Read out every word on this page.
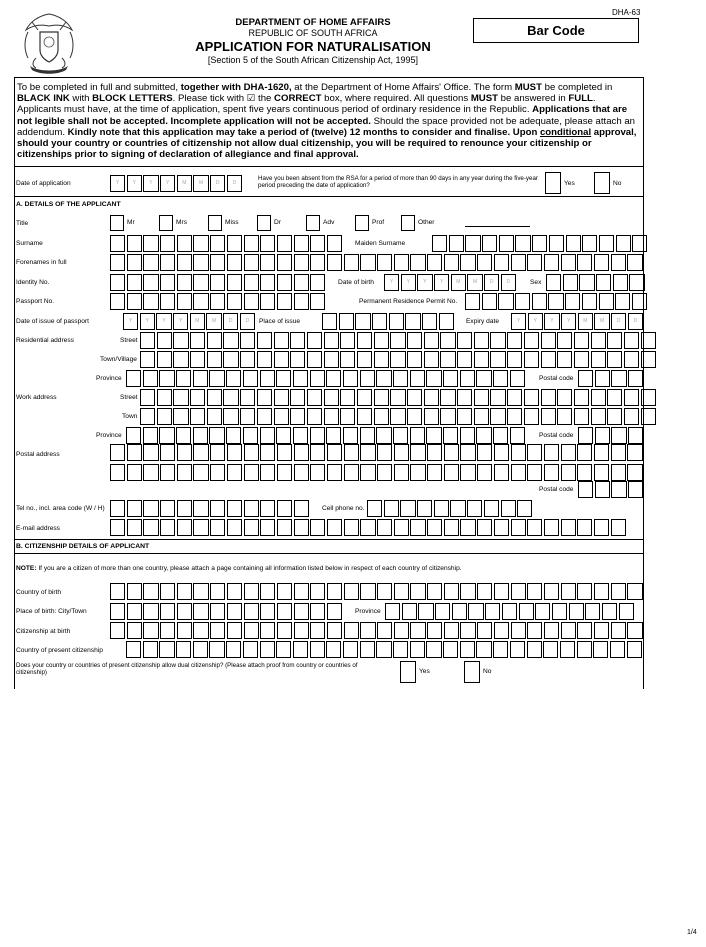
DHA-63
Bar Code
DEPARTMENT OF HOME AFFAIRS
REPUBLIC OF SOUTH AFRICA
APPLICATION FOR NATURALISATION
[Section 5 of the South African Citizenship Act, 1995]
To be completed in full and submitted, together with DHA-1620, at the Department of Home Affairs' Office. The form MUST be completed in BLACK INK with BLOCK LETTERS. Please tick with ☑ the CORRECT box, where required. All questions MUST be answered in FULL. Applicants must have, at the time of application, spent five years continuous period of ordinary residence in the Republic. Applications that are not legible shall not be accepted. Incomplete application will not be accepted. Should the space provided not be adequate, please attach an addendum. Kindly note that this application may take a period of (twelve) 12 months to consider and finalise. Upon conditional approval, should your country or countries of citizenship not allow dual citizenship, you will be required to renounce your citizenship or citizenships prior to signing of declaration of allegiance and final approval.
Date of application	Y	Y	Y	Y	M	M	D	D
Have you been absent from the RSA for a period of more than 90 days in any year during the five-year period preceding the date of application?	Yes	No
A. DETAILS OF THE APPLICANT
Title	Mr	Mrs	Miss	Dr	Adv	Prof	Other
Surname	Maiden Surname
Forenames in full
Identity No.	Date of birth	Y	Y	Y	Y	M	M	D	D	Sex
Passport No.	Permanent Residence Permit No.
Date of issue of passport	Y	Y	Y	Y	M	M	D	D	Place of issue	Expiry date	Y	Y	Y	Y	M	M	D	D
Residential address	Street
Town/Village
Province	Postal code
Work address	Street
Town
Province	Postal code
Postal address
Postal code
Tel no., incl. area code (W / H)	Cell phone no.
E-mail address
B. CITIZENSHIP DETAILS OF APPLICANT
NOTE: If you are a citizen of more than one country, please attach a page containing all information listed below in respect of each country of citizenship.
Country of birth
Place of birth: City/Town	Province
Citizenship at birth
Country of present citizenship
Does your country or countries of present citizenship allow dual citizenship? (Please attach proof from country or countries of citizenship)	Yes	No
1/4
